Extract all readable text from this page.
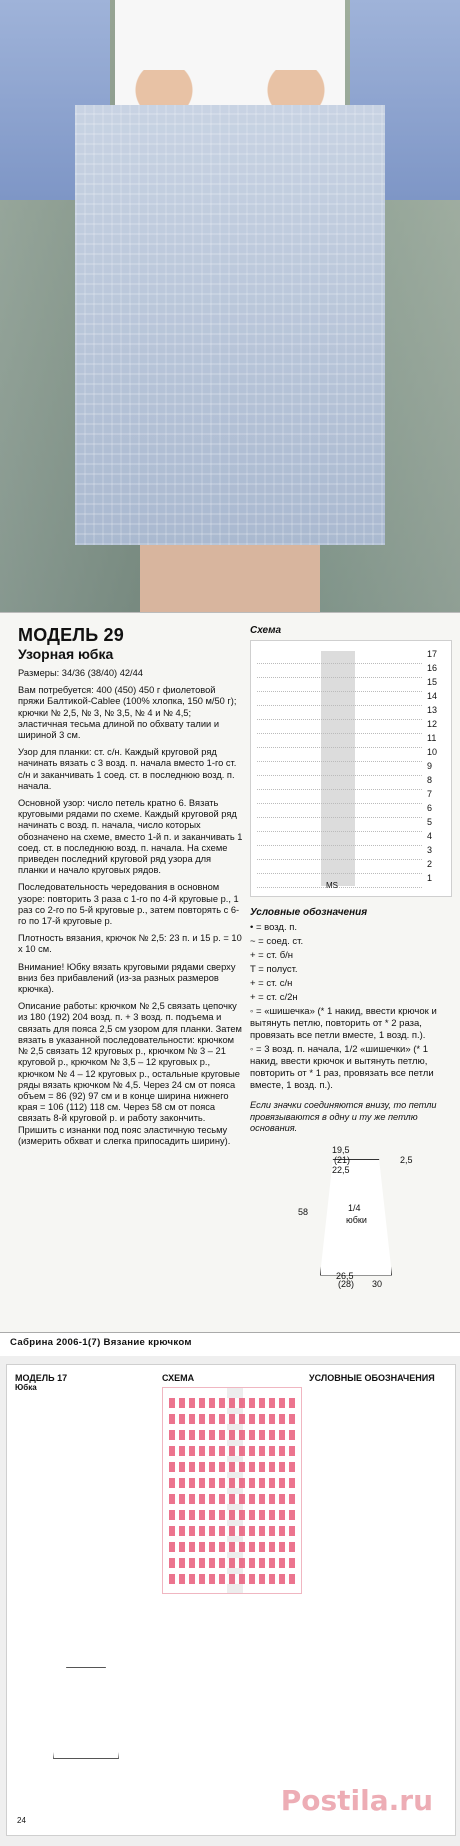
МОДЕЛЬ 29
Узорная юбка
Размеры: 34/36 (38/40) 42/44
Вам потребуется: 400 (450) 450 г фиолетовой пряжи Балтикой-Cablee (100% хлопка, 150 м/50 г); крючки № 2,5, № 3, № 3,5, № 4 и № 4,5; эластичная тесьма длиной по обхвату талии и шириной 3 см.
Узор для планки: ст. с/н. Каждый круговой ряд начинать вязать с 3 возд. п. начала вместо 1-го ст. с/н и заканчивать 1 соед. ст. в последнюю возд. п. начала.
Основной узор: число петель кратно 6. Вязать круговыми рядами по схеме. Каждый круговой ряд начинать с возд. п. начала, число которых обозначено на схеме, вместо 1-й п. и заканчивать 1 соед. ст. в последнюю возд. п. начала. На схеме приведен последний круговой ряд узора для планки и начало круговых рядов.
Последовательность чередования в основном узоре: повторить 3 раза с 1-го по 4-й круговые р., 1 раз со 2-го по 5-й круговые р., затем повторять с 6-го по 17-й круговые р.
Плотность вязания, крючок № 2,5: 23 п. и 15 р. = 10 х 10 см.
Внимание! Юбку вязать круговыми рядами сверху вниз без прибавлений (из-за разных размеров крючка).
Описание работы: крючком № 2,5 связать цепочку из 180 (192) 204 возд. п. + 3 возд. п. подъема и связать для пояса 2,5 см узором для планки. Затем вязать в указанной последовательности: крючком № 2,5 связать 12 круговых р., крючком № 3 – 21 круговой р., крючком № 3,5 – 12 круговых р., крючком № 4 – 12 круговых р., остальные круговые ряды вязать крючком № 4,5. Через 24 см от пояса объем = 86 (92) 97 см и в конце ширина нижнего края = 106 (112) 118 см. Через 58 см от пояса связать 8-й круговой р. и работу закончить. Пришить с изнанки под пояс эластичную тесьму (измерить обхват и слегка припосадить ширину).
Схема
17
16
15
14
13
12
11
10
9
8
7
6
5
4
3
2
1
MS
Условные обозначения
• = возд. п.
~ = соед. ст.
+ = ст. б/н
T = полуст.
+ = ст. с/н
+ = ст. с/2н
◦ = «шишечка» (* 1 накид, ввести крючок и вытянуть петлю, повторить от * 2 раза, провязать все петли вместе, 1 возд. п.).
◦ = 3 возд. п. начала, 1/2 «шишечки» (* 1 накид, ввести крючок и вытянуть петлю, повторить от * 1 раз, провязать все петли вместе, 1 возд. п.).
Если значки соединяются внизу, то петли провязываются в одну и ту же петлю основания.
19,5
(21)
22,5
2,5
58	1/4
юбки
26,5
(28) 30
Сабрина 2006-1(7) Вязание крючком
МОДЕЛЬ 17
Юбка
СХЕМА	УСЛОВНЫЕ ОБОЗНАЧЕНИЯ
24
Postila.ru
